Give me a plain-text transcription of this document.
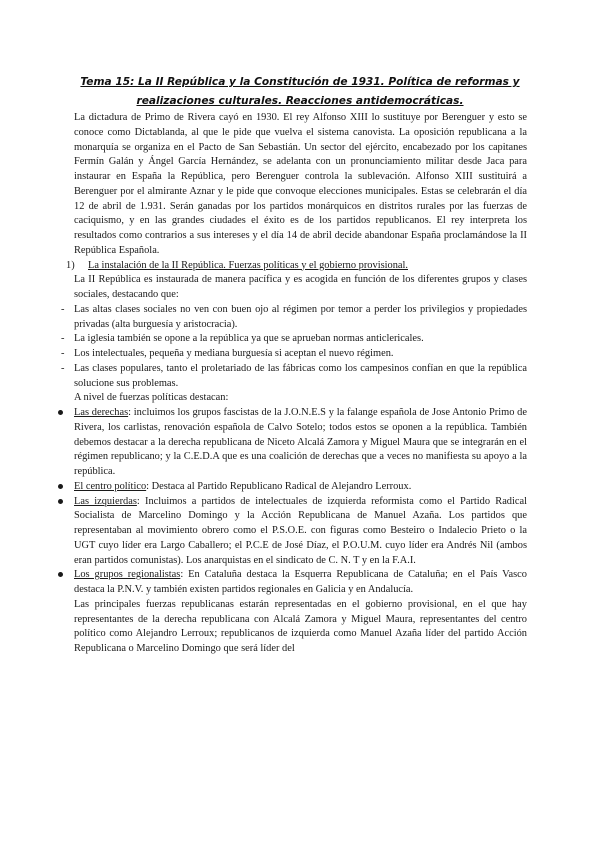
Tema 15: La II República y la Constitución de 1931. Política de reformas y realizaciones culturales. Reacciones antidemocráticas.

La dictadura de Primo de Rivera cayó en 1930. El rey Alfonso XIII lo sustituye por Berenguer y esto se conoce como Dictablanda, al que le pide que vuelva el sistema canovista. La oposición republicana a la monarquía se organiza en el Pacto de San Sebastián. Un sector del ejército, encabezado por los capitanes Fermín Galán y Ángel García Hernández, se adelanta con un pronunciamiento militar desde Jaca para instaurar en España la República, pero Berenguer controla la sublevación. Alfonso XIII sustituirá a Berenguer por el almirante Aznar y le pide que convoque elecciones municipales. Estas se celebrarán el día 12 de abril de 1.931. Serán ganadas por los partidos monárquicos en distritos rurales por las fuerzas de caciquismo, y en las grandes ciudades el éxito es de los partidos republicanos. El rey interpreta los resultados como contrarios a sus intereses y el día 14 de abril decide abandonar España proclamándose la II República Española.

1) La instalación de la II República. Fuerzas políticas y el gobierno provisional.

La II República es instaurada de manera pacífica y es acogida en función de los diferentes grupos y clases sociales, destacando que:

- Las altas clases sociales no ven con buen ojo al régimen por temor a perder los privilegios y propiedades privadas (alta burguesía y aristocracia).
- La iglesia también se opone a la república ya que se aprueban normas anticlericales.
- Los intelectuales, pequeña y mediana burguesía si aceptan el nuevo régimen.
- Las clases populares, tanto el proletariado de las fábricas como los campesinos confían en que la república solucione sus problemas.

A nivel de fuerzas políticas destacan:

Las derechas: incluimos los grupos fascistas de la J.O.N.E.S y la falange española de Jose Antonio Primo de Rivera, los carlistas, renovación española de Calvo Sotelo; todos estos se oponen a la república. También debemos destacar a la derecha republicana de Niceto Alcalá Zamora y Miguel Maura que se integrarán en el régimen republicano; y la C.E.D.A que es una coalición de derechas que a veces no manifiesta su apoyo a la república.
El centro político: Destaca al Partido Republicano Radical de Alejandro Lerroux.
Las izquierdas: Incluimos a partidos de intelectuales de izquierda reformista como el Partido Radical Socialista de Marcelino Domingo y la Acción Republicana de Manuel Azaña. Los partidos que representaban al movimiento obrero como el P.S.O.E. con figuras como Besteiro o Indalecio Prieto o la UGT cuyo líder era Largo Caballero; el P.C.E de José Díaz, el P.O.U.M. cuyo líder era Andrés Nil (ambos eran partidos comunistas). Los anarquistas en el sindicato de C. N. T y en la F.A.I.
Los grupos regionalistas: En Cataluña destaca la Esquerra Republicana de Cataluña; en el País Vasco destaca la P.N.V. y también existen partidos regionales en Galicia y en Andalucía.

Las principales fuerzas republicanas estarán representadas en el gobierno provisional, en el que hay representantes de la derecha republicana con Alcalá Zamora y Miguel Maura, representantes del centro político como Alejandro Lerroux; republicanos de izquierda como Manuel Azaña líder del partido Acción Republicana o Marcelino Domingo que será líder del
